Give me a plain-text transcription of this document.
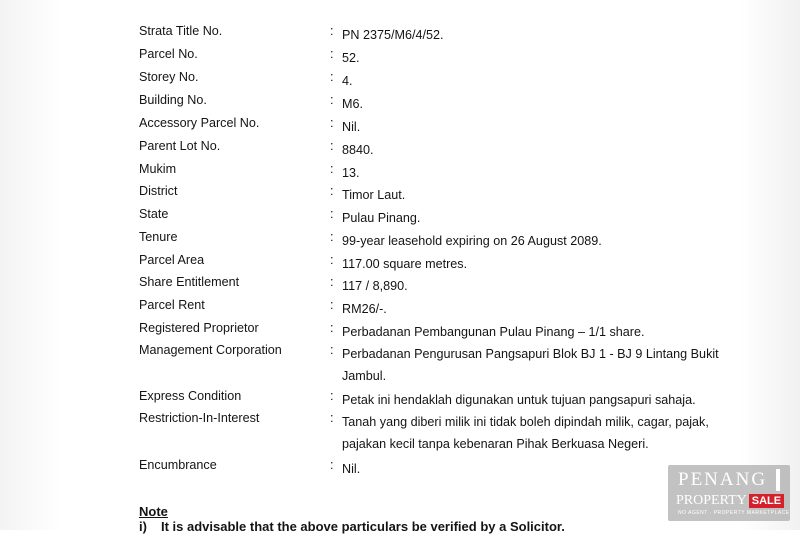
Strata Title No.	: PN 2375/M6/4/52.
Parcel No.	: 52.
Storey No.	: 4.
Building No.	: M6.
Accessory Parcel No.	: Nil.
Parent Lot No.	: 8840.
Mukim	: 13.
District	: Timor Laut.
State	: Pulau Pinang.
Tenure	: 99-year leasehold expiring on 26 August 2089.
Parcel Area	: 117.00 square metres.
Share Entitlement	: 117 / 8,890.
Parcel Rent	: RM26/-.
Registered Proprietor	: Perbadanan Pembangunan Pulau Pinang – 1/1 share.
Management Corporation	: Perbadanan Pengurusan Pangsapuri Blok BJ 1 - BJ 9 Lintang Bukit Jambul.
Express Condition	: Petak ini hendaklah digunakan untuk tujuan pangsapuri sahaja.
Restriction-In-Interest	: Tanah yang diberi milik ini tidak boleh dipindah milik, cagar, pajak, pajakan kecil tanpa kebenaran Pihak Berkuasa Negeri.
Encumbrance	: Nil.
Note
i) It is advisable that the above particulars be verified by a Solicitor.
PENANG
PROPERTY SALE
NO AGENT · PROPERTY MARKETPLACE
